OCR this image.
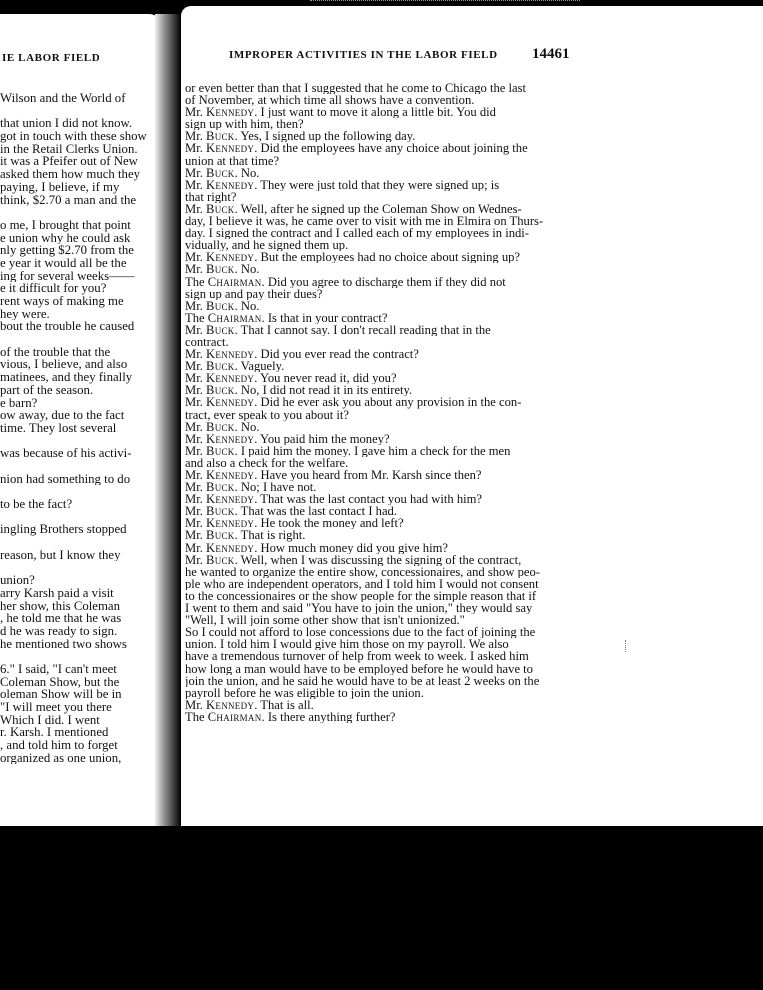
IE LABOR FIELD
Wilson and the World of
that union I did not know.
got in touch with these show
in the Retail Clerks Union.
it was a Pfeifer out of New
asked them how much they
paying, I believe, if my
think, $2.70 a man and the
o me, I brought that point
e union why he could ask
nly getting $2.70 from the
e year it would all be the
ing for several weeks——
e it difficult for you?
rent ways of making me
hey were.
bout the trouble he caused
of the trouble that the
vious, I believe, and also
matinees, and they finally
part of the season.
e barn?
ow away, due to the fact
time. They lost several
was because of his activi-
nion had something to do
to be the fact?
ingling Brothers stopped
reason, but I know they
union?
arry Karsh paid a visit
her show, this Coleman
, he told me that he was
d he was ready to sign.
he mentioned two shows
6." I said, "I can't meet
Coleman Show, but the
oleman Show will be in
"I will meet you there
Which I did. I went
r. Karsh. I mentioned
, and told him to forget
organized as one union,
IMPROPER ACTIVITIES IN THE LABOR FIELD 14461
or even better than that I suggested that he come to Chicago the last
of November, at which time all shows have a convention.
Mr. Kennedy. I just want to move it along a little bit. You did
sign up with him, then?
Mr. Buck. Yes, I signed up the following day.
Mr. Kennedy. Did the employees have any choice about joining the
union at that time?
Mr. Buck. No.
Mr. Kennedy. They were just told that they were signed up; is
that right?
Mr. Buck. Well, after he signed up the Coleman Show on Wednes-
day, I believe it was, he came over to visit with me in Elmira on Thurs-
day. I signed the contract and I called each of my employees in indi-
vidually, and he signed them up.
Mr. Kennedy. But the employees had no choice about signing up?
Mr. Buck. No.
The Chairman. Did you agree to discharge them if they did not
sign up and pay their dues?
Mr. Buck. No.
The Chairman. Is that in your contract?
Mr. Buck. That I cannot say. I don't recall reading that in the
contract.
Mr. Kennedy. Did you ever read the contract?
Mr. Buck. Vaguely.
Mr. Kennedy. You never read it, did you?
Mr. Buck. No, I did not read it in its entirety.
Mr. Kennedy. Did he ever ask you about any provision in the con-
tract, ever speak to you about it?
Mr. Buck. No.
Mr. Kennedy. You paid him the money?
Mr. Buck. I paid him the money. I gave him a check for the men
and also a check for the welfare.
Mr. Kennedy. Have you heard from Mr. Karsh since then?
Mr. Buck. No; I have not.
Mr. Kennedy. That was the last contact you had with him?
Mr. Buck. That was the last contact I had.
Mr. Kennedy. He took the money and left?
Mr. Buck. That is right.
Mr. Kennedy. How much money did you give him?
Mr. Buck. Well, when I was discussing the signing of the contract,
he wanted to organize the entire show, concessionaires, and show peo-
ple who are independent operators, and I told him I would not consent
to the concessionaires or the show people for the simple reason that if
I went to them and said "You have to join the union," they would say
"Well, I will join some other show that isn't unionized."
So I could not afford to lose concessions due to the fact of joining the
union. I told him I would give him those on my payroll. We also
have a tremendous turnover of help from week to week. I asked him
how long a man would have to be employed before he would have to
join the union, and he said he would have to be at least 2 weeks on the
payroll before he was eligible to join the union.
Mr. Kennedy. That is all.
The Chairman. Is there anything further?
